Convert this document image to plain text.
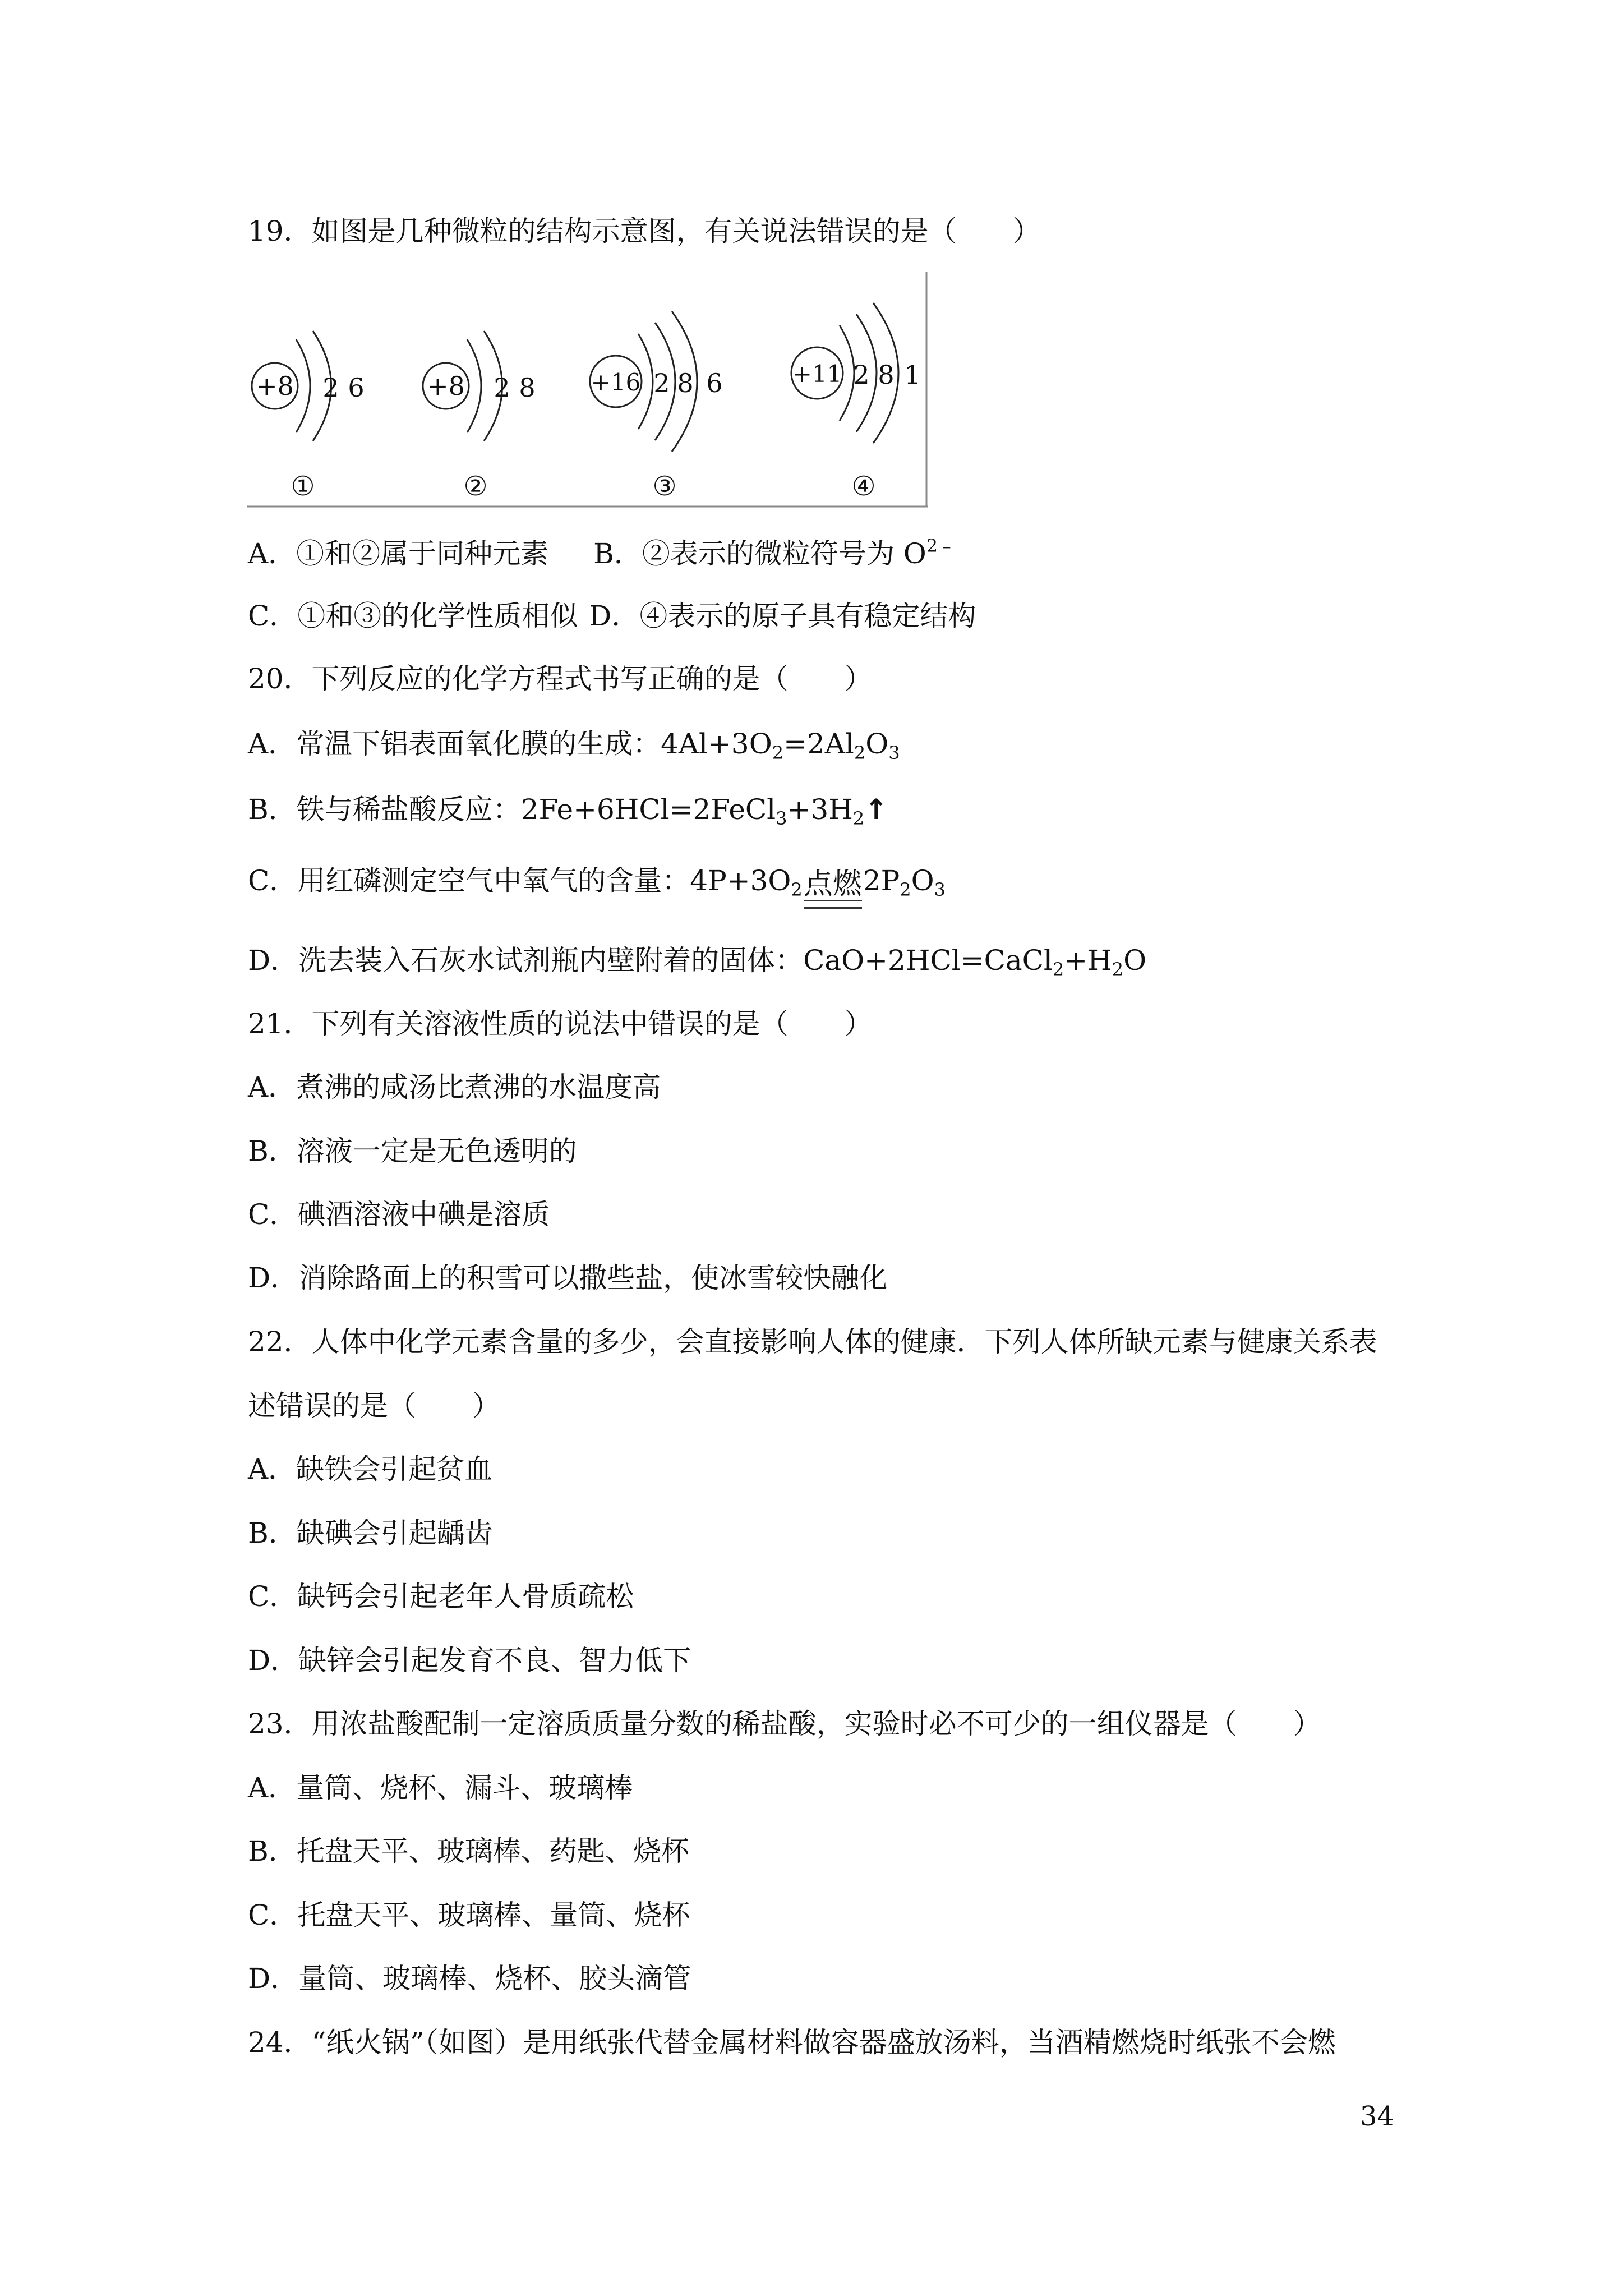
19．如图是几种微粒的结构示意图，有关说法错误的是（　　）
+8 2 6
①
+8 2 8
②
+16 2 8 6
③
+11 2 8 1
④
A．①和②属于同种元素 B．②表示的微粒符号为 $O^{2﹣}$
C．①和③的化学性质相似 D．④表示的原子具有稳定结构
20．下列反应的化学方程式书写正确的是（　　）
A．常温下铝表面氧化膜的生成：$4Al+3O_2=2Al_2O_3$
B．铁与稀盐酸反应：$2Fe+6HCl=2FeCl_3+3H_2↑$
C．用红磷测定空气中氧气的含量：$4P+3O_2$点燃$2P_2O_3$
D．洗去装入石灰水试剂瓶内壁附着的固体：$CaO+2HCl=CaCl_2+H_2O$
21．下列有关溶液性质的说法中错误的是（　　）
A．煮沸的咸汤比煮沸的水温度高
B．溶液一定是无色透明的
C．碘酒溶液中碘是溶质
D．消除路面上的积雪可以撒些盐，使冰雪较快融化
22．人体中化学元素含量的多少，会直接影响人体的健康．下列人体所缺元素与健康关系表
述错误的是（　　）
A．缺铁会引起贫血
B．缺碘会引起龋齿
C．缺钙会引起老年人骨质疏松
D．缺锌会引起发育不良、智力低下
23．用浓盐酸配制一定溶质质量分数的稀盐酸，实验时必不可少的一组仪器是（　　）
A．量筒、烧杯、漏斗、玻璃棒
B．托盘天平、玻璃棒、药匙、烧杯
C．托盘天平、玻璃棒、量筒、烧杯
D．量筒、玻璃棒、烧杯、胶头滴管
24．“纸火锅”（如图）是用纸张代替金属材料做容器盛放汤料，当酒精燃烧时纸张不会燃
34
